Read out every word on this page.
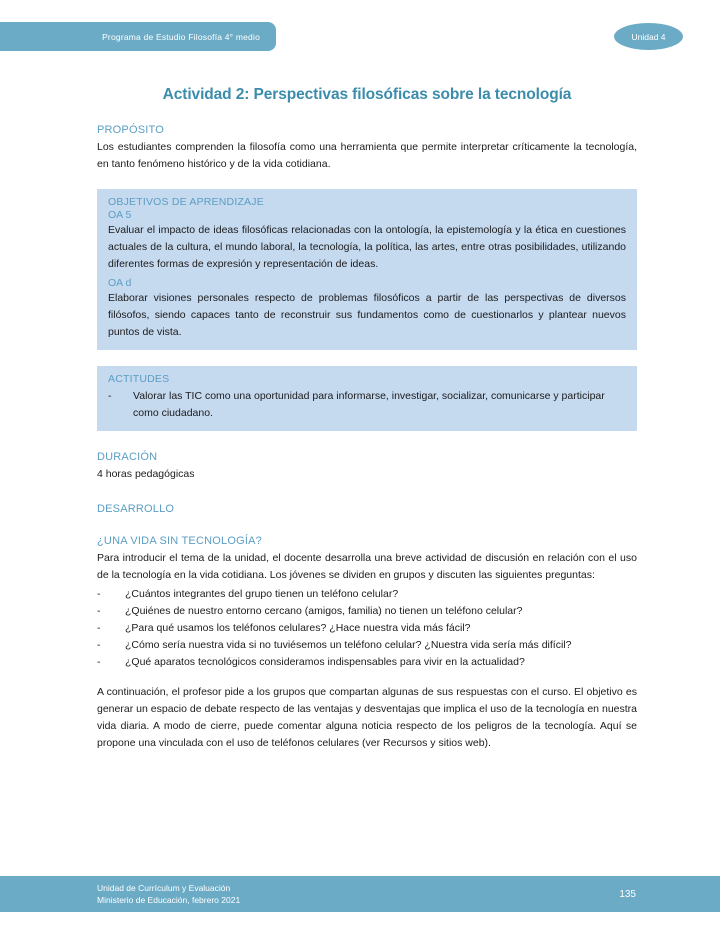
Programa de Estudio Filosofía 4° medio	Unidad 4
Actividad 2: Perspectivas filosóficas sobre la tecnología
PROPÓSITO

Los estudiantes comprenden la filosofía como una herramienta que permite interpretar críticamente la tecnología, en tanto fenómeno histórico y de la vida cotidiana.

OBJETIVOS DE APRENDIZAJE
OA 5

Evaluar el impacto de ideas filosóficas relacionadas con la ontología, la epistemología y la ética en cuestiones actuales de la cultura, el mundo laboral, la tecnología, la política, las artes, entre otras posibilidades, utilizando diferentes formas de expresión y representación de ideas.

OA d

Elaborar visiones personales respecto de problemas filosóficos a partir de las perspectivas de diversos filósofos, siendo capaces tanto de reconstruir sus fundamentos como de cuestionarlos y plantear nuevos puntos de vista.

ACTITUDES
-	Valorar las TIC como una oportunidad para informarse, investigar, socializar, comunicarse y participar como ciudadano.
DURACIÓN

4 horas pedagógicas

DESARROLLO
¿UNA VIDA SIN TECNOLOGÍA?

Para introducir el tema de la unidad, el docente desarrolla una breve actividad de discusión en relación con el uso de la tecnología en la vida cotidiana. Los jóvenes se dividen en grupos y discuten las siguientes preguntas:

-	¿Cuántos integrantes del grupo tienen un teléfono celular?
-	¿Quiénes de nuestro entorno cercano (amigos, familia) no tienen un teléfono celular?
-	¿Para qué usamos los teléfonos celulares? ¿Hace nuestra vida más fácil?
-	¿Cómo sería nuestra vida si no tuviésemos un teléfono celular? ¿Nuestra vida sería más difícil?
-	¿Qué aparatos tecnológicos consideramos indispensables para vivir en la actualidad?

A continuación, el profesor pide a los grupos que compartan algunas de sus respuestas con el curso. El objetivo es generar un espacio de debate respecto de las ventajas y desventajas que implica el uso de la tecnología en nuestra vida diaria. A modo de cierre, puede comentar alguna noticia respecto de los peligros de la tecnología. Aquí se propone una vinculada con el uso de teléfonos celulares (ver Recursos y sitios web).

Unidad de Currículum y Evaluación
Ministerio de Educación, febrero 2021
135
